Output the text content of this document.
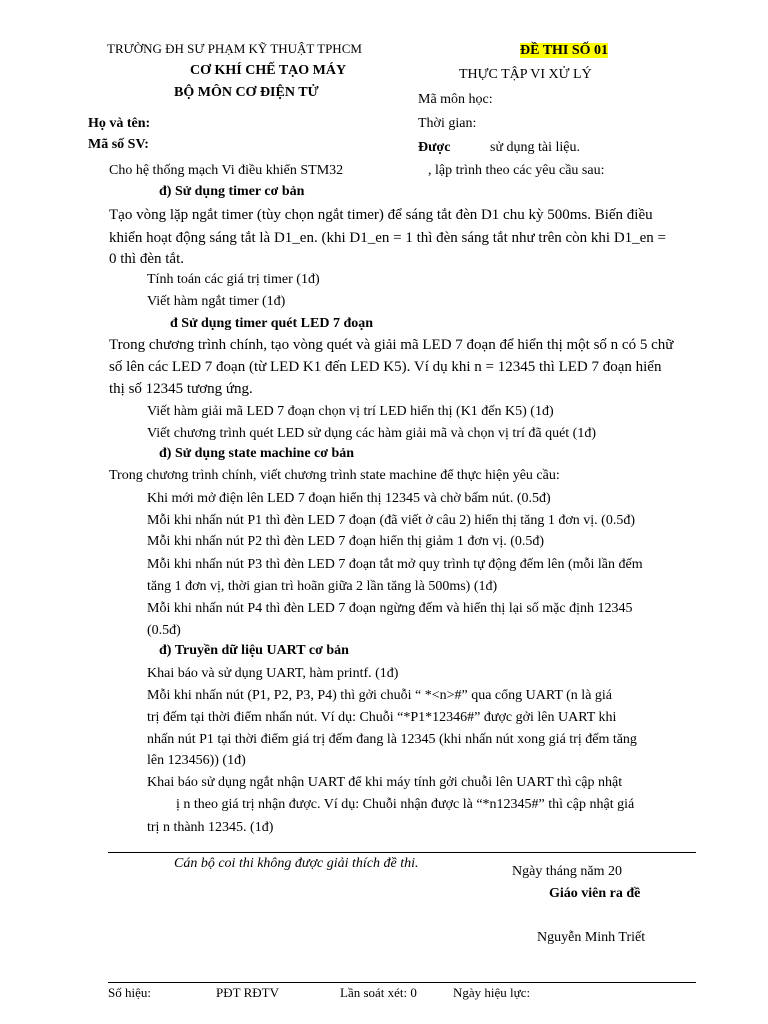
TRƯỜNG ĐH SƯ PHẠM KỸ THUẬT TPHCM
CƠ KHÍ CHẾ TẠO MÁY
BỘ MÔN CƠ ĐIỆN TỬ
ĐỀ THI SỐ 01
THỰC TẬP VI XỬ LÝ
Mã môn học:
Thời gian:
Được	sử dụng tài liệu.
Họ và tên:
Mã số SV:
Cho hệ thống mạch Vi điều khiển STM32	, lập trình theo các yêu cầu sau:
đ) Sử dụng timer cơ bản
Tạo vòng lặp ngắt timer (tùy chọn ngắt timer) để sáng tắt đèn D1 chu kỳ 500ms. Biến điều
khiển hoạt động sáng tắt là D1_en. (khi D1_en = 1 thì đèn sáng tắt như trên còn khi D1_en =
0 thì đèn tắt.
Tính toán các giá trị timer (1đ)
Viết hàm ngắt timer (1đ)
đ Sử dụng timer quét LED 7 đoạn
Trong chương trình chính, tạo vòng quét và giải mã LED 7 đoạn để hiển thị một số n có 5 chữ
số lên các LED 7 đoạn (từ LED K1 đến LED K5). Ví dụ khi n = 12345 thì LED 7 đoạn hiển
thị số 12345 tương ứng.
Viết hàm giải mã LED 7 đoạn chọn vị trí LED hiển thị (K1 đến K5) (1đ)
Viết chương trình quét LED sử dụng các hàm giải mã và chọn vị trí đã quét (1đ)
đ) Sử dụng state machine cơ bản
Trong chương trình chính, viết chương trình state machine để thực hiện yêu cầu:
Khi mới mở điện lên LED 7 đoạn hiển thị 12345 và chờ bấm nút. (0.5đ)
Mỗi khi nhấn nút P1 thì đèn LED 7 đoạn (đã viết ở câu 2) hiển thị tăng 1 đơn vị. (0.5đ)
Mỗi khi nhấn nút P2 thì đèn LED 7 đoạn hiển thị giảm 1 đơn vị. (0.5đ)
Mỗi khi nhấn nút P3 thì đèn LED 7 đoạn tắt mở quy trình tự động đếm lên (mỗi lần đếm
tăng 1 đơn vị, thời gian trì hoãn giữa 2 lần tăng là 500ms) (1đ)
Mỗi khi nhấn nút P4 thì đèn LED 7 đoạn ngừng đếm và hiển thị lại số mặc định 12345
(0.5đ)
đ) Truyền dữ liệu UART cơ bản
Khai báo và sử dụng UART, hàm printf. (1đ)
Mỗi khi nhấn nút (P1, P2, P3, P4) thì gởi chuỗi “ *<n>#” qua cổng UART (n là giá
trị đếm tại thời điểm nhấn nút. Ví dụ: Chuỗi “*P1*12346#” được gởi lên UART khi
nhấn nút P1 tại thời điểm giá trị đếm đang là 12345 (khi nhấn nút xong giá trị đếm tăng
lên 123456)) (1đ)
Khai báo sử dụng ngắt nhận UART để khi máy tính gởi chuỗi lên UART thì cập nhật
ị n theo giá trị nhận được. Ví dụ: Chuỗi nhận được là “*n12345#” thì cập nhật giá
trị n thành 12345. (1đ)
Cán bộ coi thi không được giải thích đề thi.
Ngày tháng năm 20
Giáo viên ra đề
Nguyễn Minh Triết
Số hiệu:	PĐT RĐTV	Lần soát xét: 0	Ngày hiệu lực:
